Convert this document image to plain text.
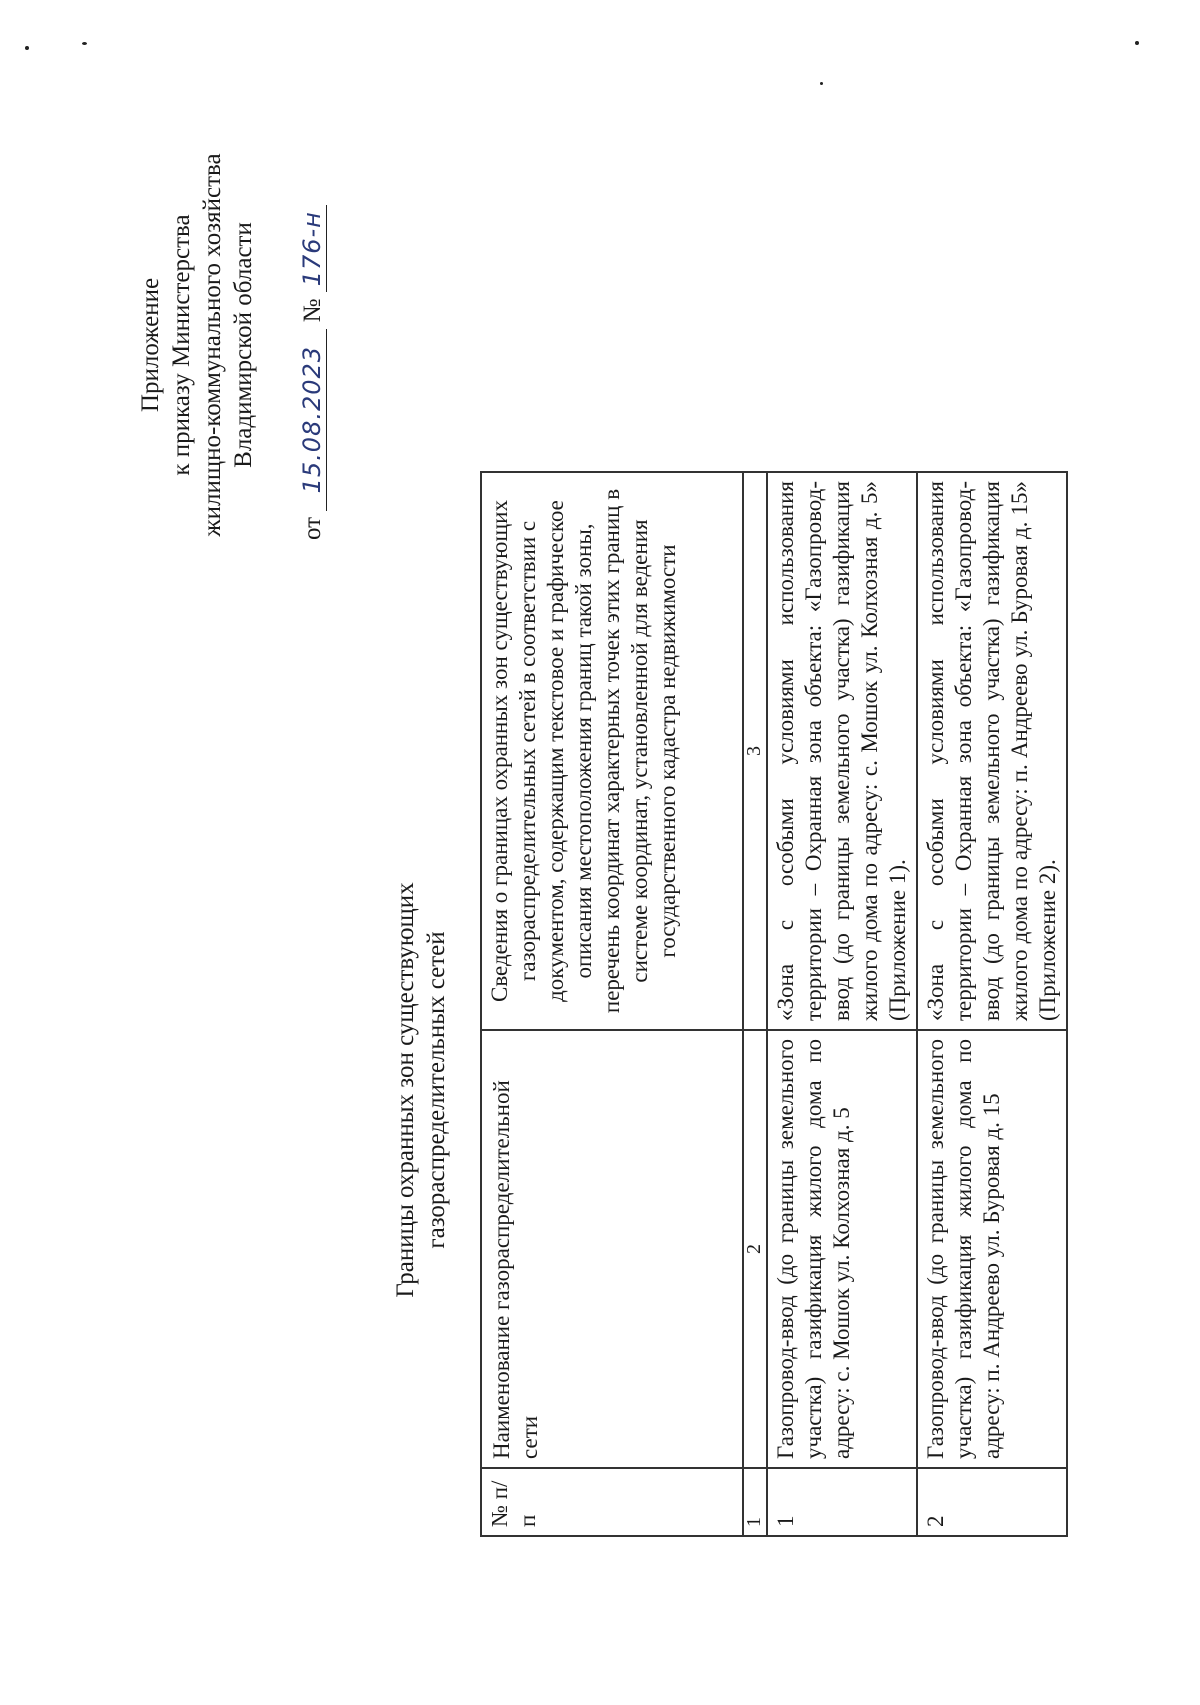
Приложение к приказу Министерства жилищно-коммунального хозяйства Владимирской области
от 15.08.2023 № 176-н
Границы охранных зон существующих газораспределительных сетей
№ п/п	Наименование газораспределительной сети	Сведения о границах охранных зон существующих газораспределительных сетей в соответствии с документом, содержащим текстовое и графическое описания местоположения границ такой зоны, перечень координат характерных точек этих границ в системе координат, установленной для ведения государственного кадастра недвижимости
1	2	3
1	Газопровод-ввод (до границы земельного участка) газификация жилого дома по адресу: с. Мошок ул. Колхозная д. 5	«Зона с особыми условиями использования территории – Охранная зона объекта: «Газопровод-ввод (до границы земельного участка) газификация жилого дома по адресу: с. Мошок ул. Колхозная д. 5» (Приложение 1).
2	Газопровод-ввод (до границы земельного участка) газификация жилого дома по адресу: п. Андреево ул. Буровая д. 15	«Зона с особыми условиями использования территории – Охранная зона объекта: «Газопровод-ввод (до границы земельного участка) газификация жилого дома по адресу: п. Андреево ул. Буровая д. 15» (Приложение 2).
